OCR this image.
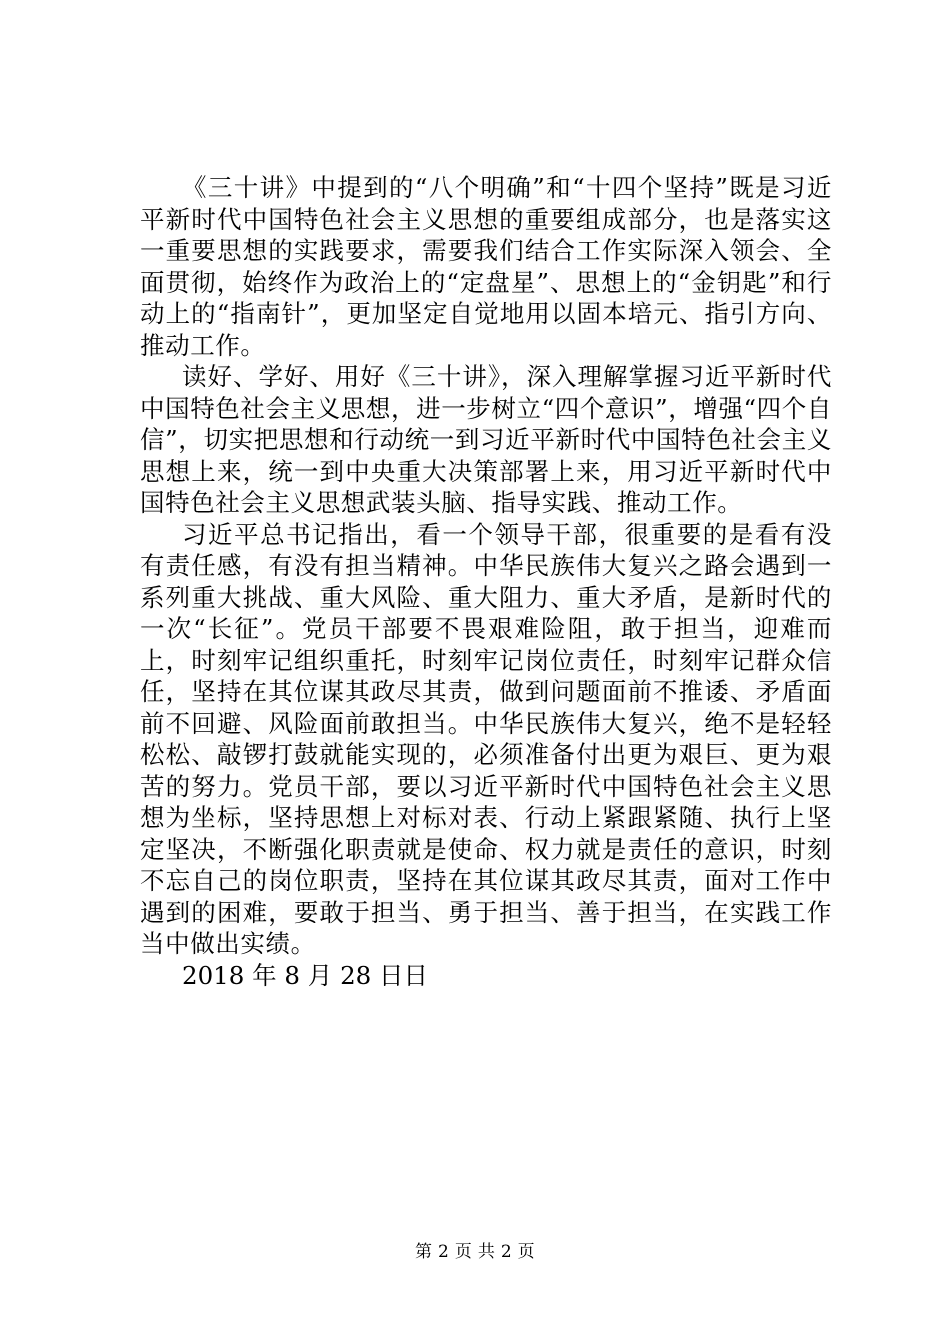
《三十讲》中提到的“八个明确”和“十四个坚持”既是习近平新时代中国特色社会主义思想的重要组成部分，也是落实这一重要思想的实践要求，需要我们结合工作实际深入领会、全面贯彻，始终作为政治上的“定盘星”、思想上的“金钥匙”和行动上的“指南针”，更加坚定自觉地用以固本培元、指引方向、推动工作。

读好、学好、用好《三十讲》，深入理解掌握习近平新时代中国特色社会主义思想，进一步树立“四个意识”，增强“四个自信”，切实把思想和行动统一到习近平新时代中国特色社会主义思想上来，统一到中央重大决策部署上来，用习近平新时代中国特色社会主义思想武装头脑、指导实践、推动工作。

习近平总书记指出，看一个领导干部，很重要的是看有没有责任感，有没有担当精神。中华民族伟大复兴之路会遇到一系列重大挑战、重大风险、重大阻力、重大矛盾，是新时代的一次“长征”。党员干部要不畏艰难险阻，敢于担当，迎难而上，时刻牢记组织重托，时刻牢记岗位责任，时刻牢记群众信任，坚持在其位谋其政尽其责，做到问题面前不推诿、矛盾面前不回避、风险面前敢担当。中华民族伟大复兴，绝不是轻轻松松、敲锣打鼓就能实现的，必须准备付出更为艰巨、更为艰苦的努力。党员干部，要以习近平新时代中国特色社会主义思想为坐标，坚持思想上对标对表、行动上紧跟紧随、执行上坚定坚决，不断强化职责就是使命、权力就是责任的意识，时刻不忘自己的岗位职责，坚持在其位谋其政尽其责，面对工作中遇到的困难，要敢于担当、勇于担当、善于担当，在实践工作当中做出实绩。

2018 年 8 月 28 日日

第 2 页 共 2 页
